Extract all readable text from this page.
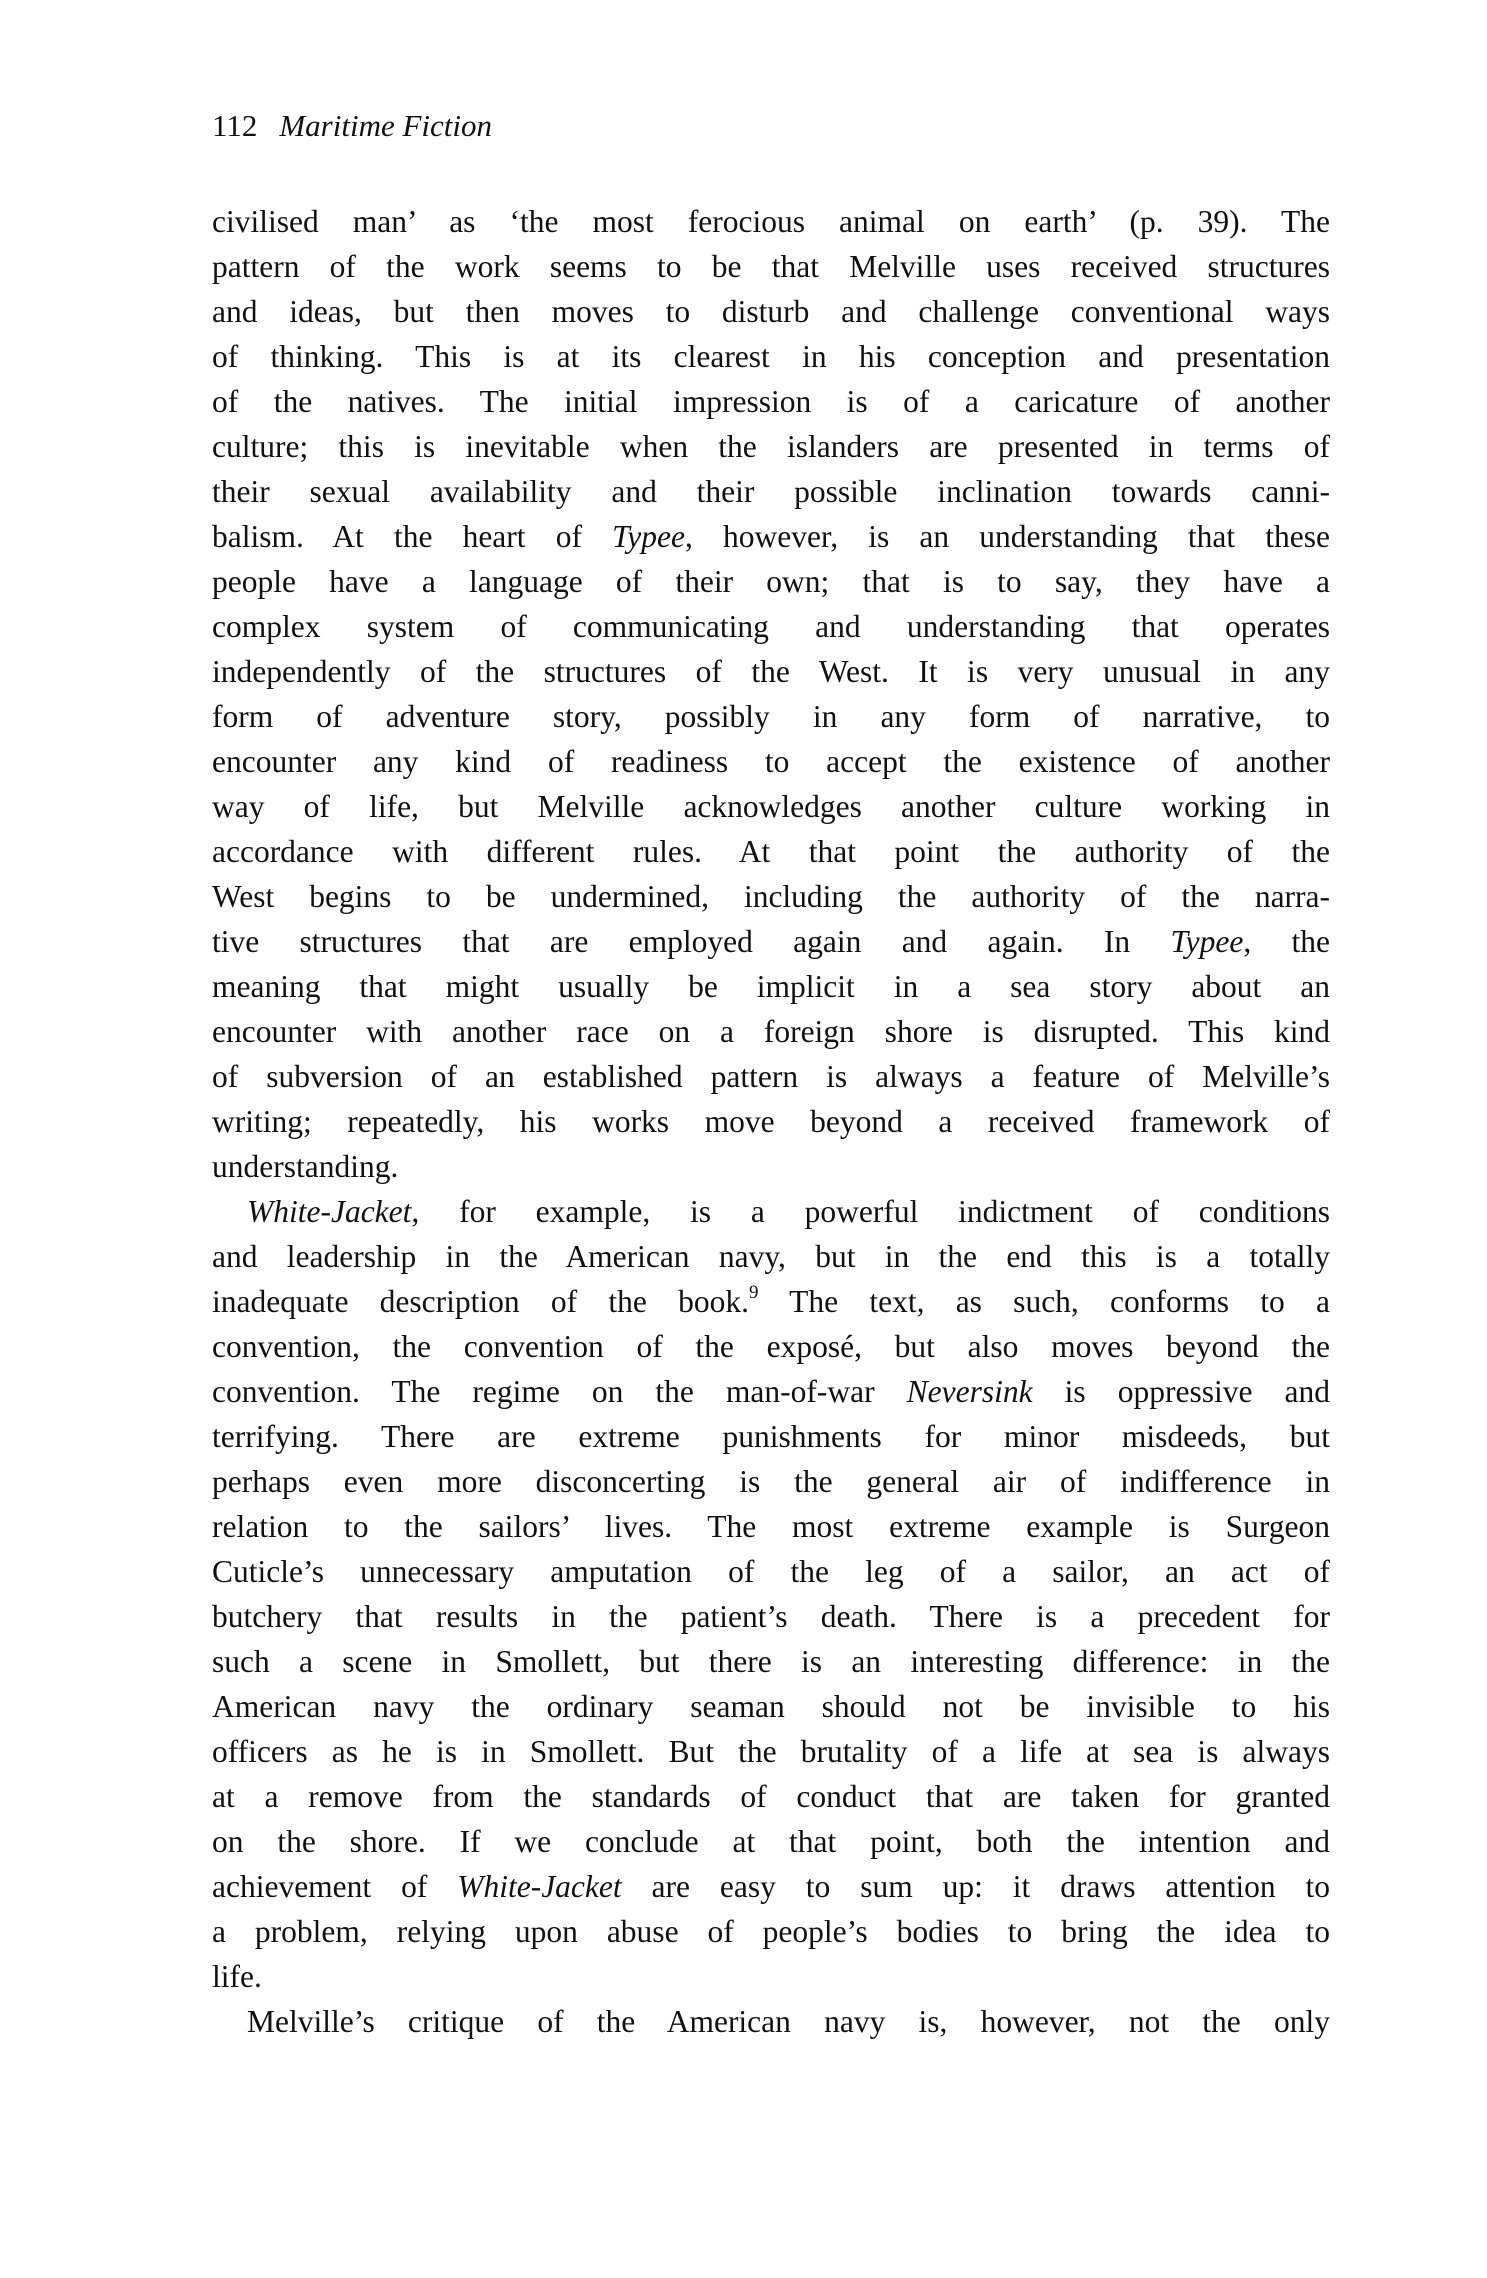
112 Maritime Fiction
civilised man’ as ‘the most ferocious animal on earth’ (p. 39). The
pattern of the work seems to be that Melville uses received structures
and ideas, but then moves to disturb and challenge conventional ways
of thinking. This is at its clearest in his conception and presentation
of the natives. The initial impression is of a caricature of another
culture; this is inevitable when the islanders are presented in terms of
their sexual availability and their possible inclination towards canni-
balism. At the heart of Typee, however, is an understanding that these
people have a language of their own; that is to say, they have a
complex system of communicating and understanding that operates
independently of the structures of the West. It is very unusual in any
form of adventure story, possibly in any form of narrative, to
encounter any kind of readiness to accept the existence of another
way of life, but Melville acknowledges another culture working in
accordance with different rules. At that point the authority of the
West begins to be undermined, including the authority of the narra-
tive structures that are employed again and again. In Typee, the
meaning that might usually be implicit in a sea story about an
encounter with another race on a foreign shore is disrupted. This kind
of subversion of an established pattern is always a feature of Melville’s
writing; repeatedly, his works move beyond a received framework of
understanding.
White-Jacket, for example, is a powerful indictment of conditions
and leadership in the American navy, but in the end this is a totally
inadequate description of the book.$^9$ The text, as such, conforms to a
convention, the convention of the exposé, but also moves beyond the
convention. The regime on the man-of-war Neversink is oppressive and
terrifying. There are extreme punishments for minor misdeeds, but
perhaps even more disconcerting is the general air of indifference in
relation to the sailors’ lives. The most extreme example is Surgeon
Cuticle’s unnecessary amputation of the leg of a sailor, an act of
butchery that results in the patient’s death. There is a precedent for
such a scene in Smollett, but there is an interesting difference: in the
American navy the ordinary seaman should not be invisible to his
officers as he is in Smollett. But the brutality of a life at sea is always
at a remove from the standards of conduct that are taken for granted
on the shore. If we conclude at that point, both the intention and
achievement of White-Jacket are easy to sum up: it draws attention to
a problem, relying upon abuse of people’s bodies to bring the idea to
life.
Melville’s critique of the American navy is, however, not the only
